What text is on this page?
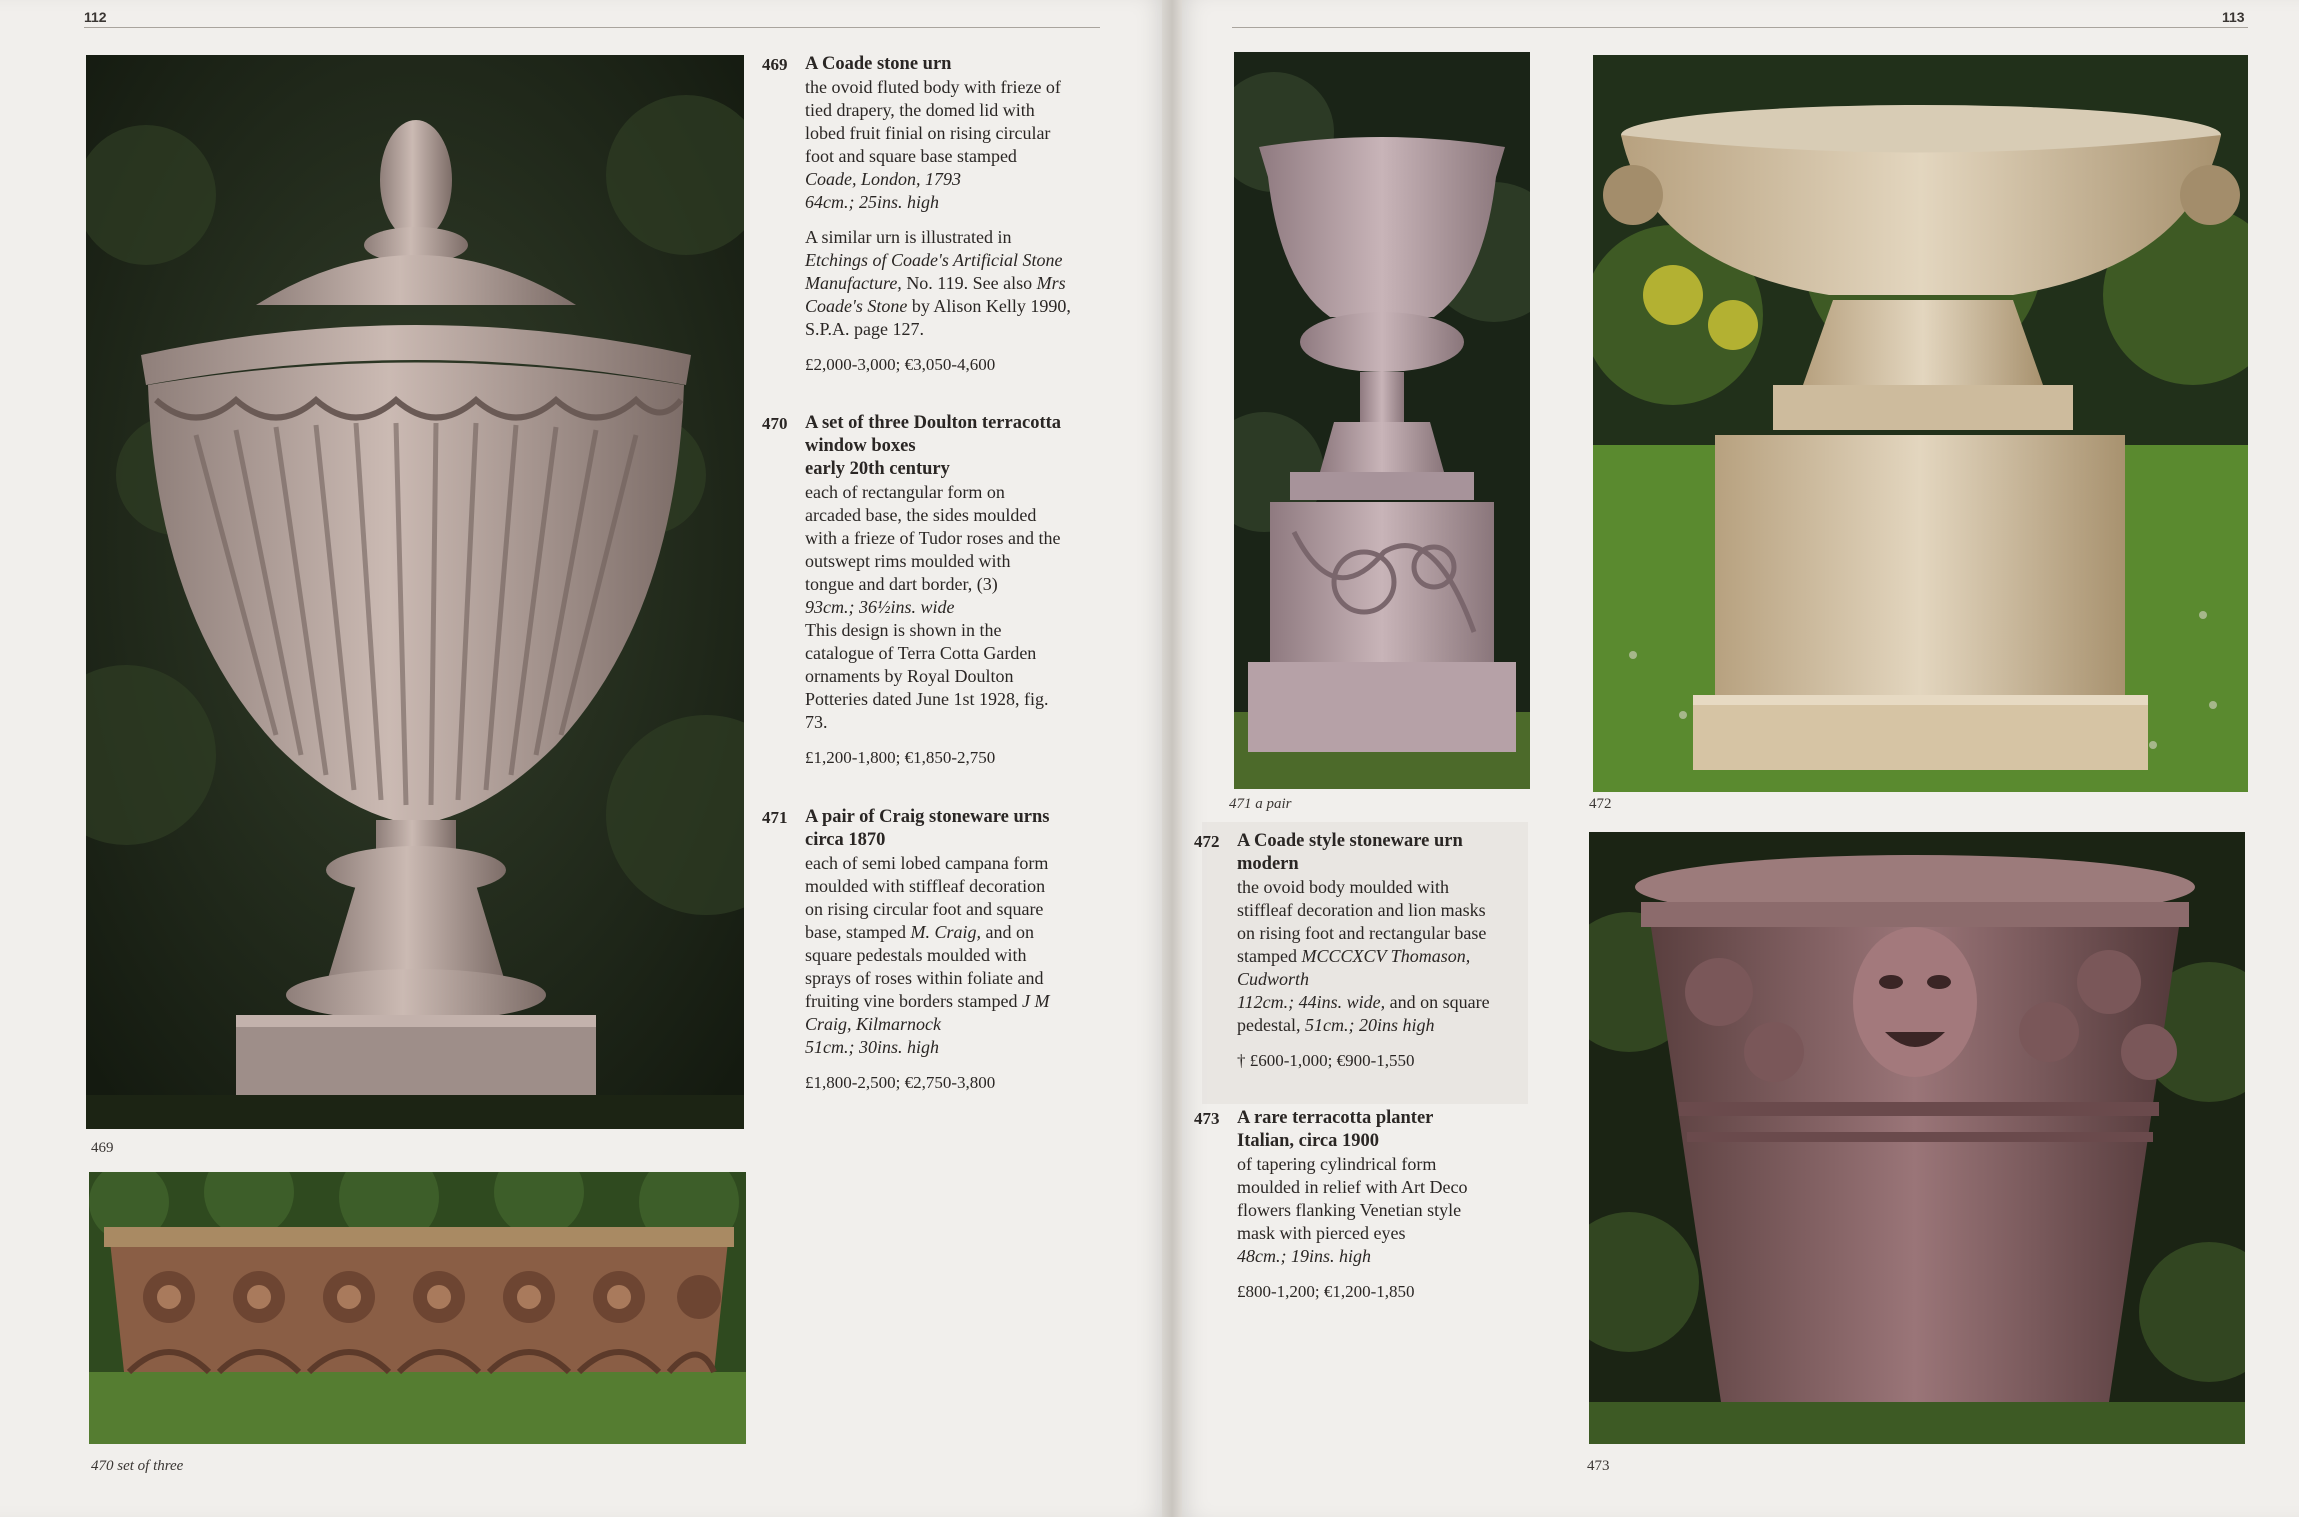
112	113
469
470 set of three
469 A Coade stone urn
the ovoid fluted body with frieze of
tied drapery, the domed lid with
lobed fruit finial on rising circular
foot and square base stamped
Coade, London, 1793
64cm.; 25ins. high
A similar urn is illustrated in
Etchings of Coade's Artificial Stone
Manufacture, No. 119. See also Mrs
Coade's Stone by Alison Kelly 1990,
S.P.A. page 127.
£2,000-3,000; €3,050-4,600
470 A set of three Doulton terracotta
window boxes
early 20th century
each of rectangular form on
arcaded base, the sides moulded
with a frieze of Tudor roses and the
outswept rims moulded with
tongue and dart border, (3)
93cm.; 36½ins. wide
This design is shown in the
catalogue of Terra Cotta Garden
ornaments by Royal Doulton
Potteries dated June 1st 1928, fig.
73.
£1,200-1,800; €1,850-2,750
471 A pair of Craig stoneware urns
circa 1870
each of semi lobed campana form
moulded with stiffleaf decoration
on rising circular foot and square
base, stamped M. Craig, and on
square pedestals moulded with
sprays of roses within foliate and
fruiting vine borders stamped J M
Craig, Kilmarnock
51cm.; 30ins. high
£1,800-2,500; €2,750-3,800
471 a pair	472
473
472 A Coade style stoneware urn
modern
the ovoid body moulded with
stiffleaf decoration and lion masks
on rising foot and rectangular base
stamped MCCCXCV Thomason,
Cudworth
112cm.; 44ins. wide, and on square
pedestal, 51cm.; 20ins high
† £600-1,000; €900-1,550
473 A rare terracotta planter
Italian, circa 1900
of tapering cylindrical form
moulded in relief with Art Deco
flowers flanking Venetian style
mask with pierced eyes
48cm.; 19ins. high
£800-1,200; €1,200-1,850
